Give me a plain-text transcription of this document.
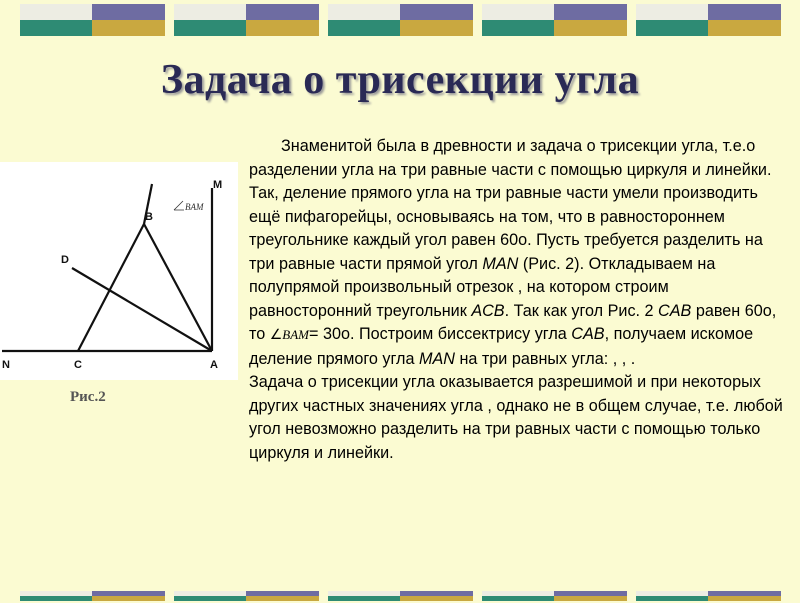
Задача о трисекции угла
M
B
D
N	C	A
BAM
Рис.2

Знаменитой была в древности и задача о трисекции угла, т.е.о разделении угла на три равные части с помощью циркуля и линейки. Так, деление прямого угла на три равные части умели производить ещё пифагорейцы, основываясь на том, что в равностороннем треугольнике каждый угол равен 60о. Пусть требуется разделить на три равные части прямой угол MAN (Рис. 2). Откладываем на полупрямой произвольный отрезок , на котором строим равносторонний треугольник ACB. Так как угол Рис. 2 CAB равен 60о, то ∠BAM= 30о. Построим биссектрису угла CAB, получаем искомое деление прямого угла MAN на три равных угла: , , .

Задача о трисекции угла оказывается разрешимой и при некоторых других частных значениях угла , однако не в общем случае, т.е. любой угол невозможно разделить на три равных части с помощью только циркуля и линейки.
